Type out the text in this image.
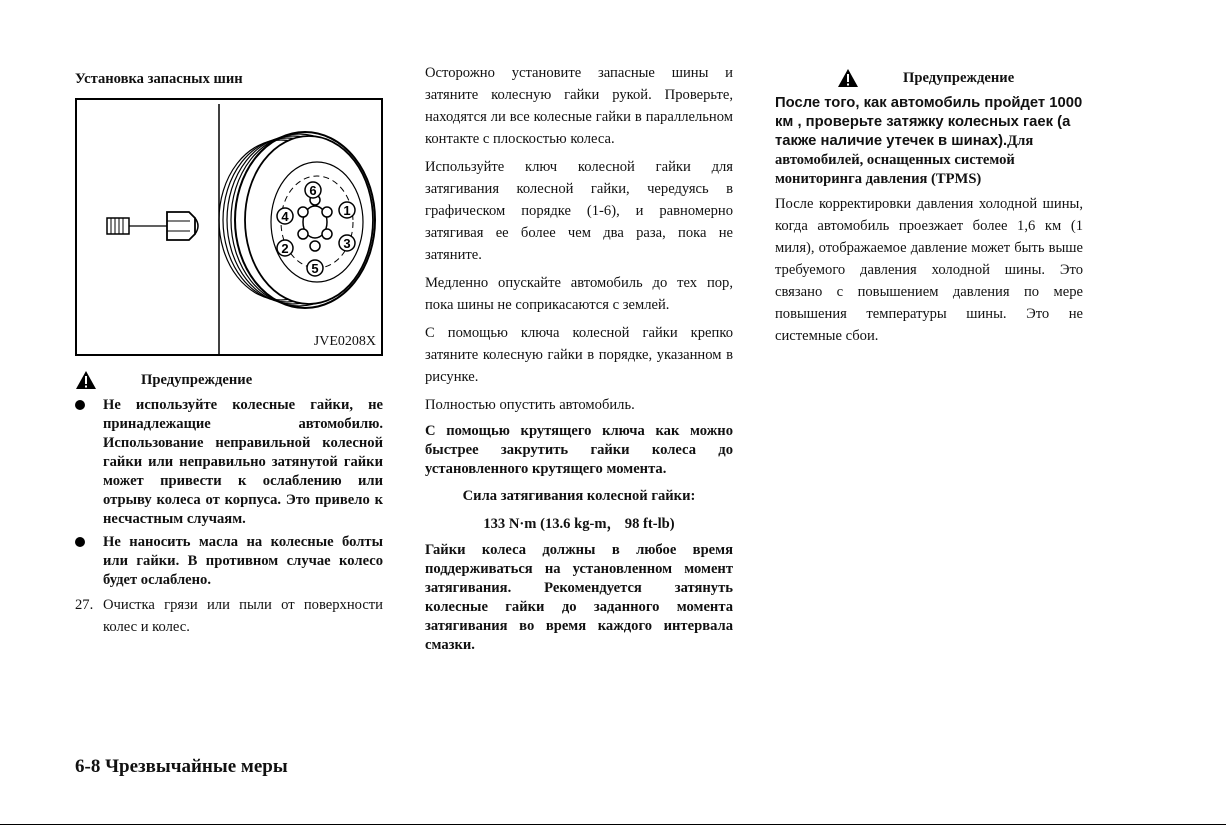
Установка запасных шин
1
2	3
4
5
6
JVE0208X
Предупреждение
Не используйте колесные гайки, не принадлежащие автомобилю. Использование неправильной колесной гайки или неправильно затянутой гайки может привести к ослаблению или отрыву колеса от корпуса. Это привело к несчастным случаям.
Не наносить масла на колесные болты или гайки. В противном случае колесо будет ослаблено.
27. Очистка грязи или пыли от поверхности колес и колес.

Осторожно установите запасные шины и затяните колесную гайки рукой. Проверьте, находятся ли все колесные гайки в параллельном контакте с плоскостью колеса.

Используйте ключ колесной гайки для затягивания колесной гайки, чередуясь в графическом порядке (1-6), и равномерно затягивая ее более чем два раза, пока не затяните.

Медленно опускайте автомобиль до тех пор, пока шины не соприкасаются с землей.

С помощью ключа колесной гайки крепко затяните колесную гайки в порядке, указанном в рисунке.

Полностью опустить автомобиль.

С помощью крутящего ключа как можно быстрее закрутить гайки колеса до установленного крутящего момента.

Сила затягивания колесной гайки:

133 N·m (13.6 kg-m， 98 ft-lb)

Гайки колеса должны в любое время поддерживаться на установленном момент затягивания. Рекомендуется затянуть колесные гайки до заданного момента затягивания во время каждого интервала смазки.

Предупреждение

После того, как автомобиль пройдет 1000 км , проверьте затяжку колесных гаек (а также наличие утечек в шинах).Для автомобилей, оснащенных системой мониторинга давления (TPMS)

После корректировки давления холодной шины, когда автомобиль проезжает более 1,6 км (1 миля), отображаемое давление может быть выше требуемого давления холодной шины. Это связано с повышением давления по мере повышения температуры шины. Это не системные сбои.

6-8 Чрезвычайные меры
